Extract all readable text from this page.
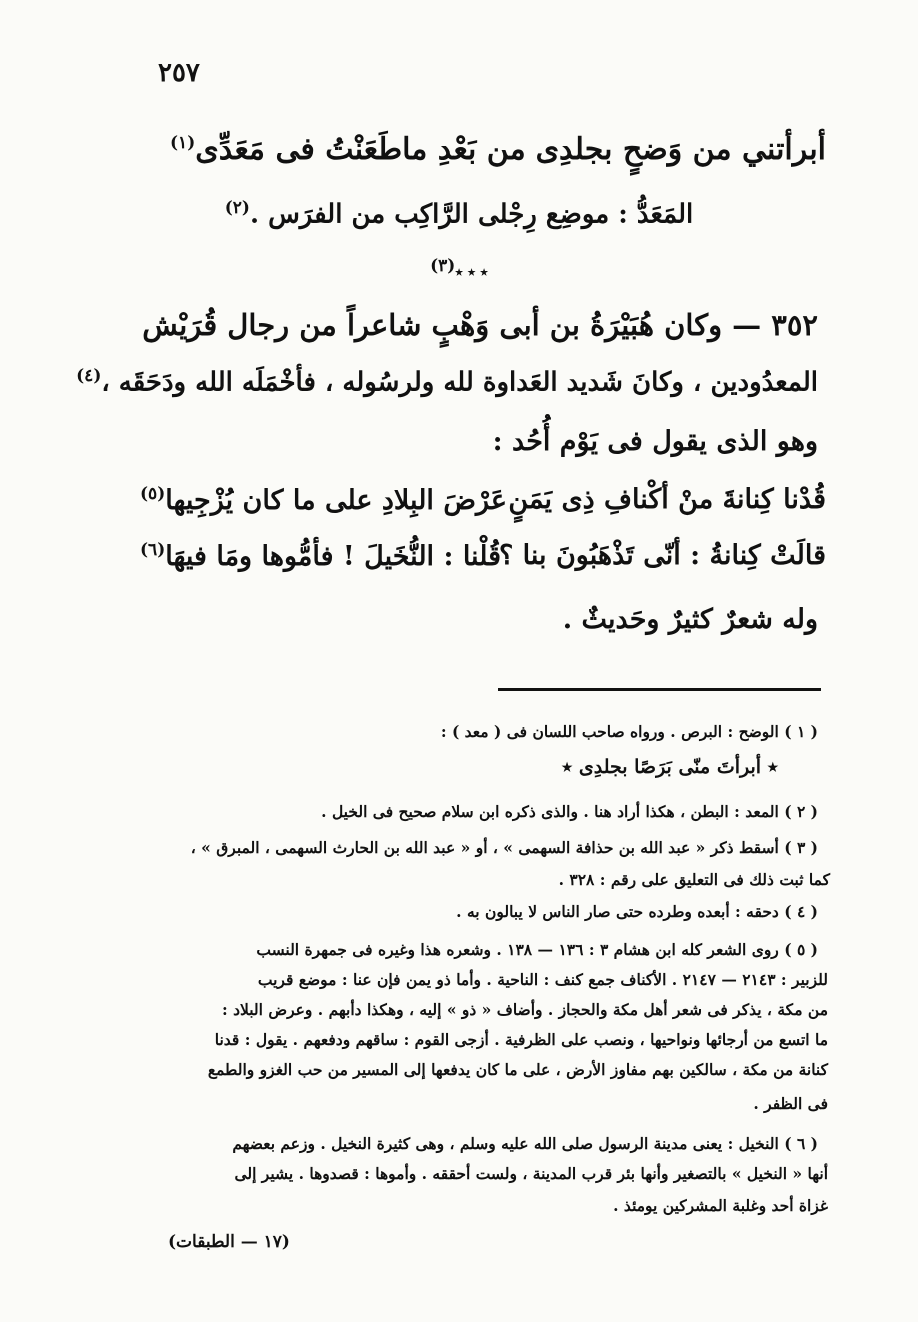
٢٥٧
أبرأتني من وَضحٍ بجلدِى
من بَعْدِ ماطَعَنْتُ فى مَعَدِّى$^{(١)}$
المَعَدُّ : موضِع رِجْلى الرَّاكِب من الفرَس .$^{(٢)}$
٭ ٭ ٭(٣)
٣٥٢ — وكان هُبَيْرَةُ بن أبى وَهْبٍ شاعراً من رجال قُرَيْش
المعدُودين ، وكانَ شَديد العَداوة لله ولرسُوله ، فأخْمَلَه الله ودَحَقَه ،$^{(٤)}$
وهو الذى يقول فى يَوْم أُحُد :
قُدْنا كِنانةَ منْ أكْنافِ ذِى يَمَنٍ
عَرْضَ البِلادِ على ما كان يُزْجِيها$^{(٥)}$
قالَتْ كِنانةُ : أنّى تَذْهَبُونَ بنا ؟
قُلْنا : النُّخَيلَ ! فأمُّوها ومَا فيهَا$^{(٦)}$
وله شعرٌ كثيرٌ وحَديثٌ .
( ١ ) الوضح : البرص . ورواه صاحب اللسان فى ( معد ) :
٭ أبرأتَ منّى بَرَصًا بجلدِى ٭
( ٢ ) المعد : البطن ، هكذا أراد هنا . والذى ذكره ابن سلام صحيح فى الخيل .
( ٣ ) أسقط ذكر « عبد الله بن حذافة السهمى » ، أو « عبد الله بن الحارث السهمى ، المبرق » ،
كما ثبت ذلك فى التعليق على رقم : ٣٢٨ .
( ٤ ) دحقه : أبعده وطرده حتى صار الناس لا يبالون به .
( ٥ ) روى الشعر كله ابن هشام ٣ : ١٣٦ — ١٣٨ . وشعره هذا وغيره فى جمهرة النسب
للزبير : ٢١٤٣ — ٢١٤٧ . الأكناف جمع كنف : الناحية . وأما ذو يمن فإن عنا : موضع قريب
من مكة ، يذكر فى شعر أهل مكة والحجاز . وأضاف « ذو » إليه ، وهكذا دأبهم . وعرض البلاد :
ما اتسع من أرجائها ونواحيها ، ونصب على الظرفية . أزجى القوم : ساقهم ودفعهم . يقول : قدنا
كنانة من مكة ، سالكين بهم مفاوز الأرض ، على ما كان يدفعها إلى المسير من حب الغزو والطمع
فى الظفر .
( ٦ ) النخيل : يعنى مدينة الرسول صلى الله عليه وسلم ، وهى كثيرة النخيل . وزعم بعضهم
أنها « النخيل » بالتصغير وأنها بئر قرب المدينة ، ولست أحققه . وأموها : قصدوها . يشير إلى
غزاة أحد وغلبة المشركين يومئذ .
(١٧ — الطبقات)
